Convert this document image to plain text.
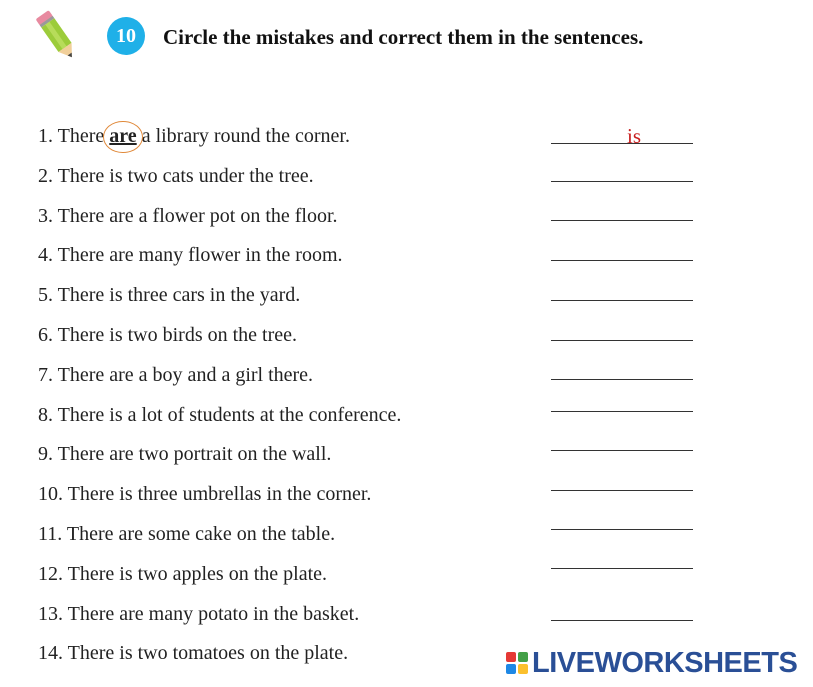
10	Circle the mistakes and correct them in the sentences.
1. There are a library round the corner.	is
2. There is two cats under the tree.
3. There are a flower pot on the floor.
4. There are many flower in the room.
5. There is three cars in the yard.
6. There is two birds on the tree.
7. There are a boy and a girl there.
8. There is a lot of students at the conference.
9. There are two portrait on the wall.
10. There is three umbrellas in the corner.
11. There are some cake on the table.
12. There is two apples on the plate.
13. There are many potato in the basket.
14. There is two tomatoes on the plate.	LIVEWORKSHEETS
